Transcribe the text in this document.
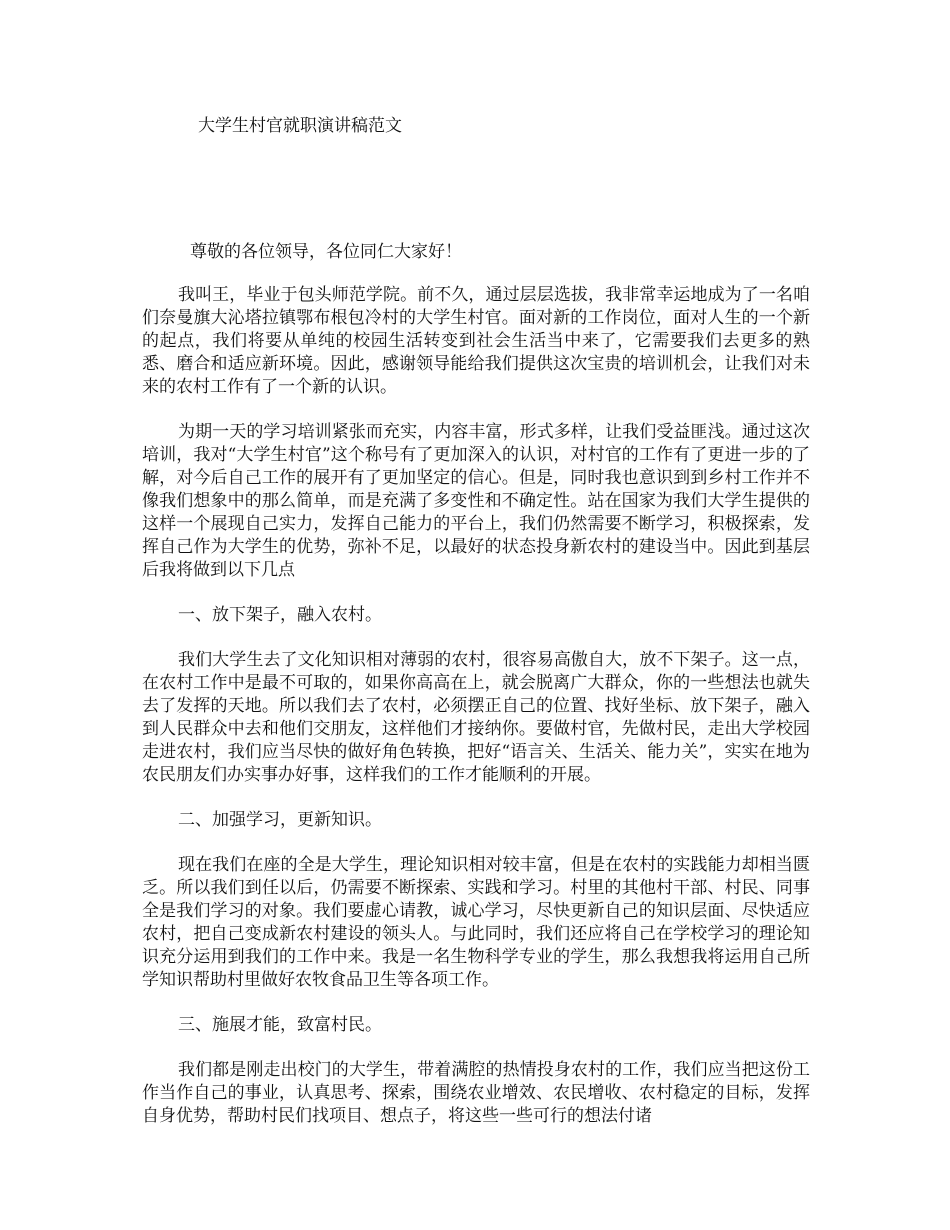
大学生村官就职演讲稿范文
尊敬的各位领导，各位同仁大家好！

我叫王，毕业于包头师范学院。前不久，通过层层选拔，我非常幸运地成为了一名咱们奈曼旗大沁塔拉镇鄂布根包冷村的大学生村官。面对新的工作岗位，面对人生的一个新的起点，我们将要从单纯的校园生活转变到社会生活当中来了，它需要我们去更多的熟悉、磨合和适应新环境。因此，感谢领导能给我们提供这次宝贵的培训机会，让我们对未来的农村工作有了一个新的认识。

为期一天的学习培训紧张而充实，内容丰富，形式多样，让我们受益匪浅。通过这次培训，我对“大学生村官”这个称号有了更加深入的认识，对村官的工作有了更进一步的了解，对今后自己工作的展开有了更加坚定的信心。但是，同时我也意识到到乡村工作并不像我们想象中的那么简单，而是充满了多变性和不确定性。站在国家为我们大学生提供的这样一个展现自己实力，发挥自己能力的平台上，我们仍然需要不断学习，积极探索，发挥自己作为大学生的优势，弥补不足，以最好的状态投身新农村的建设当中。因此到基层后我将做到以下几点

一、放下架子，融入农村。

我们大学生去了文化知识相对薄弱的农村，很容易高傲自大，放不下架子。这一点，在农村工作中是最不可取的，如果你高高在上，就会脱离广大群众，你的一些想法也就失去了发挥的天地。所以我们去了农村，必须摆正自己的位置、找好坐标、放下架子，融入到人民群众中去和他们交朋友，这样他们才接纳你。要做村官，先做村民，走出大学校园走进农村，我们应当尽快的做好角色转换，把好“语言关、生活关、能力关”，实实在地为农民朋友们办实事办好事，这样我们的工作才能顺利的开展。

二、加强学习，更新知识。

现在我们在座的全是大学生，理论知识相对较丰富，但是在农村的实践能力却相当匮乏。所以我们到任以后，仍需要不断探索、实践和学习。村里的其他村干部、村民、同事全是我们学习的对象。我们要虚心请教，诚心学习，尽快更新自己的知识层面、尽快适应农村，把自己变成新农村建设的领头人。与此同时，我们还应将自己在学校学习的理论知识充分运用到我们的工作中来。我是一名生物科学专业的学生，那么我想我将运用自己所学知识帮助村里做好农牧食品卫生等各项工作。

三、施展才能，致富村民。

我们都是刚走出校门的大学生，带着满腔的热情投身农村的工作，我们应当把这份工作当作自己的事业，认真思考、探索，围绕农业增效、农民增收、农村稳定的目标，发挥自身优势，帮助村民们找项目、想点子，将这些一些可行的想法付诸
